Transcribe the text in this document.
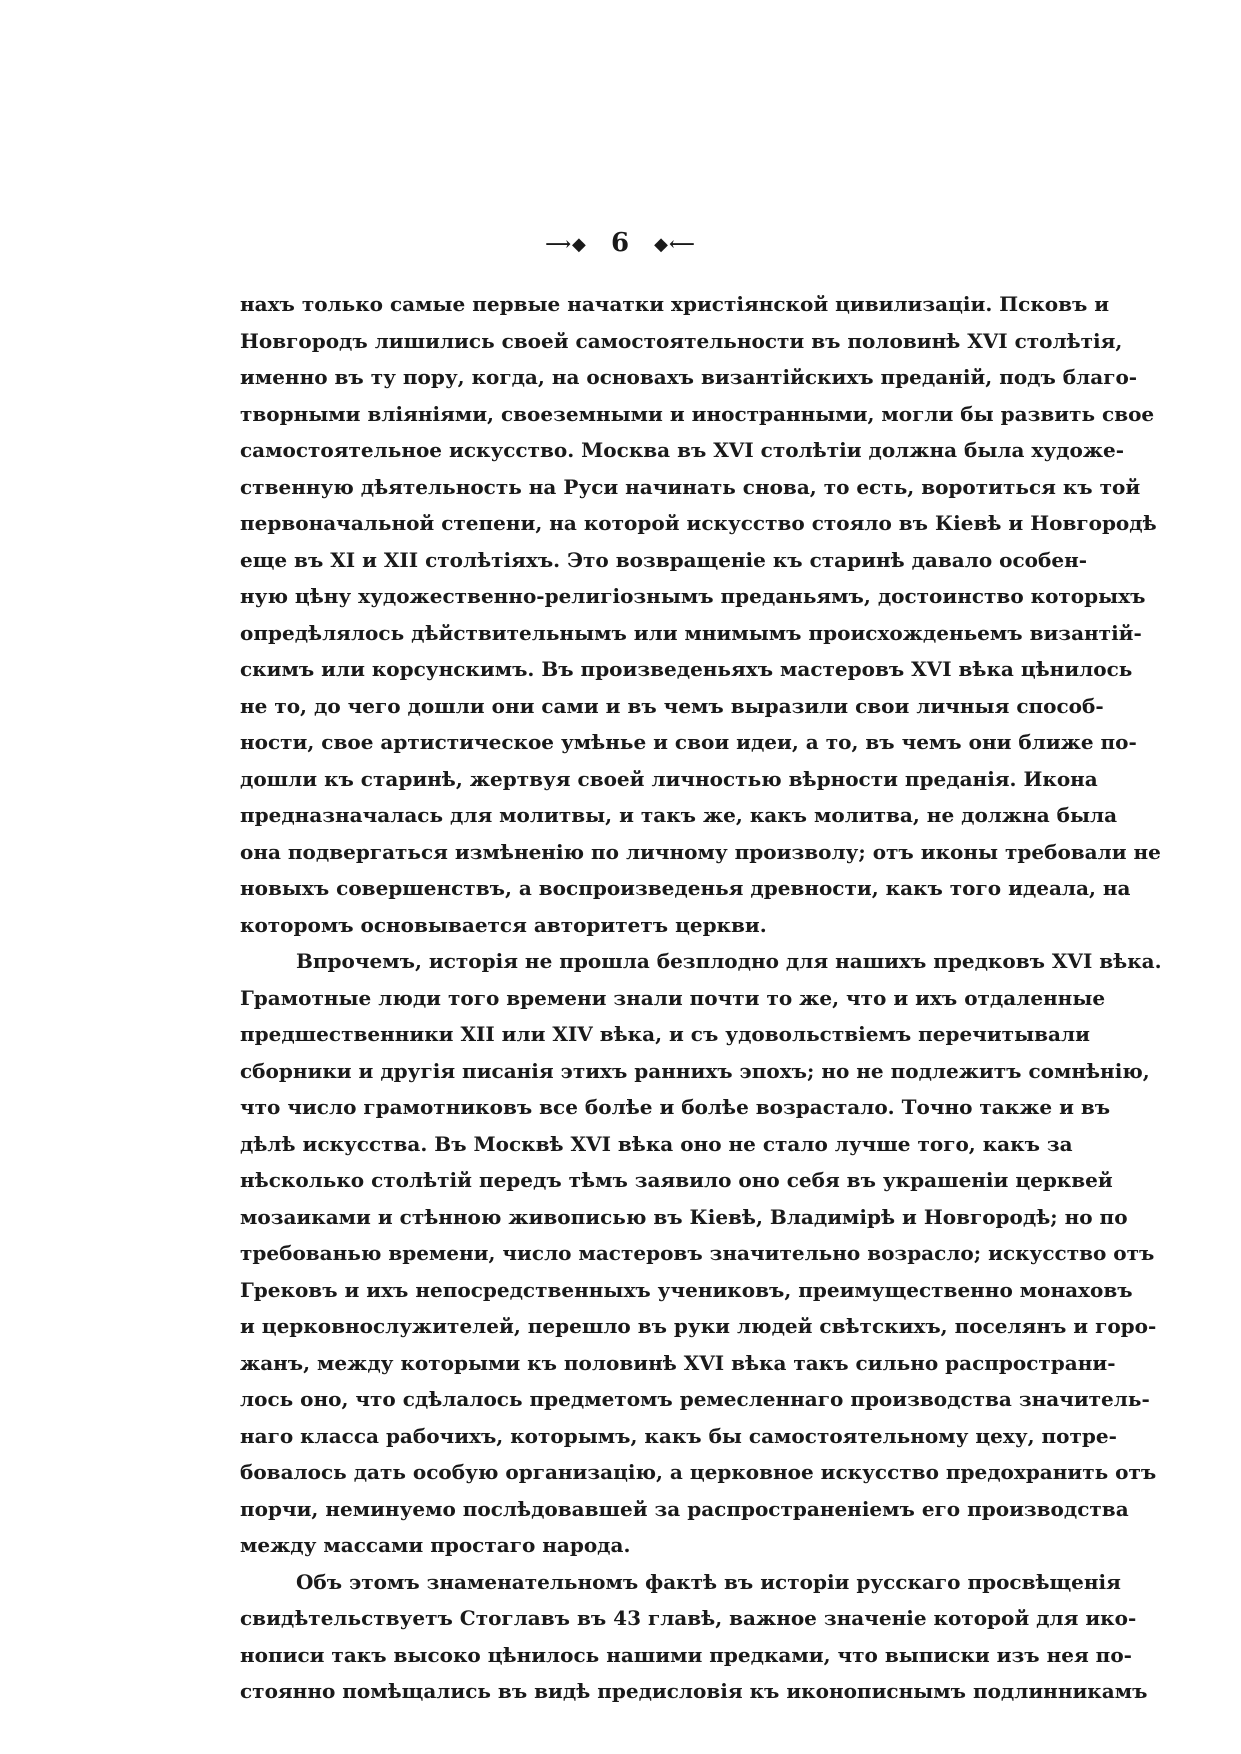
⟶◆ 6 ◆⟵
нахъ только самые первые начатки христіянской цивилизаціи. Псковъ и
Новгородъ лишились своей самостоятельности въ половинѣ XVI столѣтія,
именно въ ту пору, когда, на основахъ византійскихъ преданій, подъ благо-
творными вліяніями, своеземными и иностранными, могли бы развить свое
самостоятельное искусство. Москва въ XVI столѣтіи должна была художе-
ственную дѣятельность на Руси начинать снова, то есть, воротиться къ той
первоначальной степени, на которой искусство стояло въ Кіевѣ и Новгородѣ
еще въ XI и XII столѣтіяхъ. Это возвращеніе къ старинѣ давало особен-
ную цѣну художественно-религіознымъ преданьямъ, достоинство которыхъ
опредѣлялось дѣйствительнымъ или мнимымъ происхожденьемъ византій-
скимъ или корсунскимъ. Въ произведеньяхъ мастеровъ XVI вѣка цѣнилось
не то, до чего дошли они сами и въ чемъ выразили свои личныя способ-
ности, свое артистическое умѣнье и свои идеи, а то, въ чемъ они ближе по-
дошли къ старинѣ, жертвуя своей личностью вѣрности преданія. Икона
предназначалась для молитвы, и такъ же, какъ молитва, не должна была
она подвергаться измѣненію по личному произволу; отъ иконы требовали не
новыхъ совершенствъ, а воспроизведенья древности, какъ того идеала, на
которомъ основывается авторитетъ церкви.
Впрочемъ, исторія не прошла безплодно для нашихъ предковъ XVI вѣка.
Грамотные люди того времени знали почти то же, что и ихъ отдаленные
предшественники XII или XIV вѣка, и съ удовольствіемъ перечитывали
сборники и другія писанія этихъ раннихъ эпохъ; но не подлежитъ сомнѣнію,
что число грамотниковъ все болѣе и болѣе возрастало. Точно также и въ
дѣлѣ искусства. Въ Москвѣ XVI вѣка оно не стало лучше того, какъ за
нѣсколько столѣтій передъ тѣмъ заявило оно себя въ украшеніи церквей
мозаиками и стѣнною живописью въ Кіевѣ, Владимірѣ и Новгородѣ; но по
требованью времени, число мастеровъ значительно возрасло; искусство отъ
Грековъ и ихъ непосредственныхъ учениковъ, преимущественно монаховъ
и церковнослужителей, перешло въ руки людей свѣтскихъ, поселянъ и горо-
жанъ, между которыми къ половинѣ XVI вѣка такъ сильно распространи-
лось оно, что сдѣлалось предметомъ ремесленнаго производства значитель-
наго класса рабочихъ, которымъ, какъ бы самостоятельному цеху, потре-
бовалось дать особую организацію, а церковное искусство предохранить отъ
порчи, неминуемо послѣдовавшей за распространеніемъ его производства
между массами простаго народа.
Объ этомъ знаменательномъ фактѣ въ исторіи русскаго просвѣщенія
свидѣтельствуетъ Стоглавъ въ 43 главѣ, важное значеніе которой для ико-
нописи такъ высоко цѣнилось нашими предками, что выписки изъ нея по-
стоянно помѣщались въ видѣ предисловія къ иконописнымъ подлинникамъ
